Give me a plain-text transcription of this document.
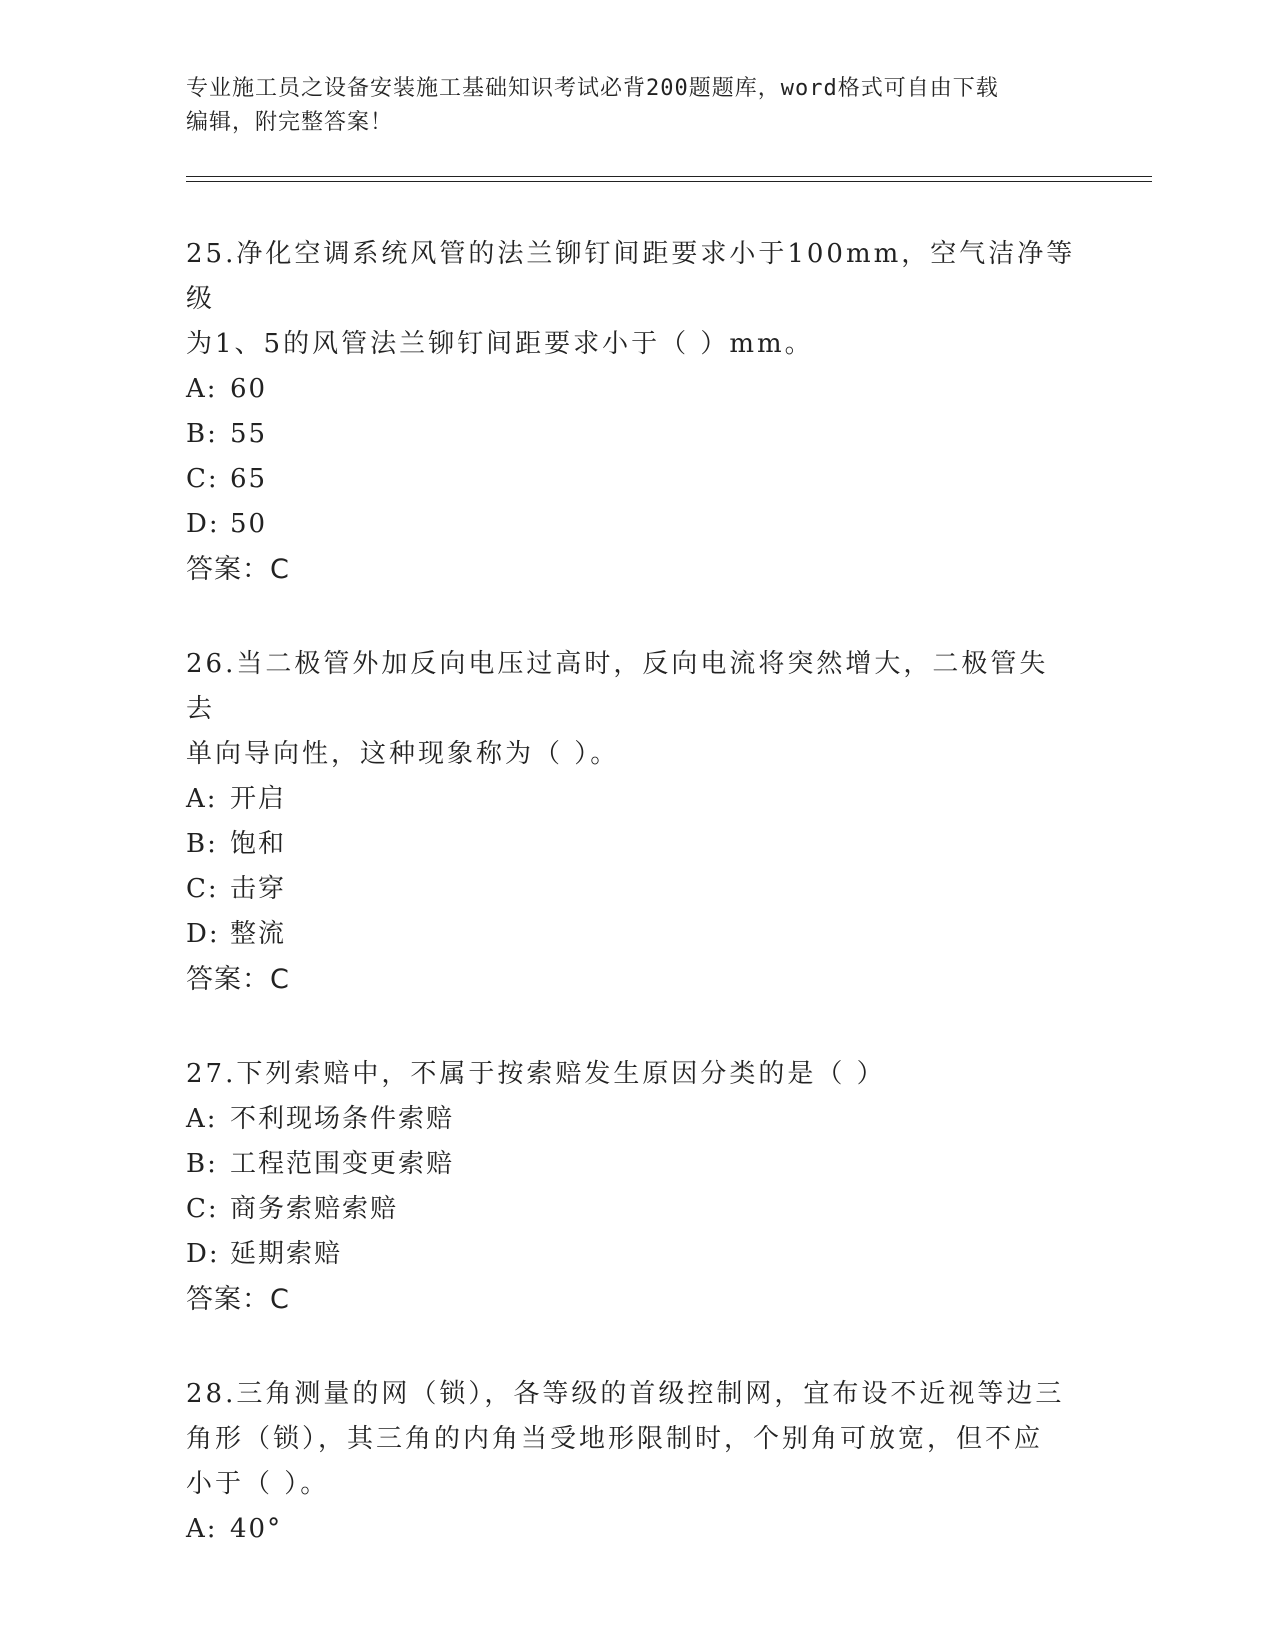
专业施工员之设备安装施工基础知识考试必背200题题库，word格式可自由下载
编辑，附完整答案！
25.净化空调系统风管的法兰铆钉间距要求小于100mm，空气洁净等级
为1、5的风管法兰铆钉间距要求小于（ ）mm。
A: 60
B: 55
C: 65
D: 50
答案：C
26.当二极管外加反向电压过高时，反向电流将突然增大，二极管失去
单向导向性，这种现象称为（ ）。
A: 开启
B: 饱和
C: 击穿
D: 整流
答案：C
27.下列索赔中，不属于按索赔发生原因分类的是（ ）
A: 不利现场条件索赔
B: 工程范围变更索赔
C: 商务索赔索赔
D: 延期索赔
答案：C
28.三角测量的网（锁），各等级的首级控制网，宜布设不近视等边三
角形（锁），其三角的内角当受地形限制时，个别角可放宽，但不应
小于（ ）。
A: 40°
